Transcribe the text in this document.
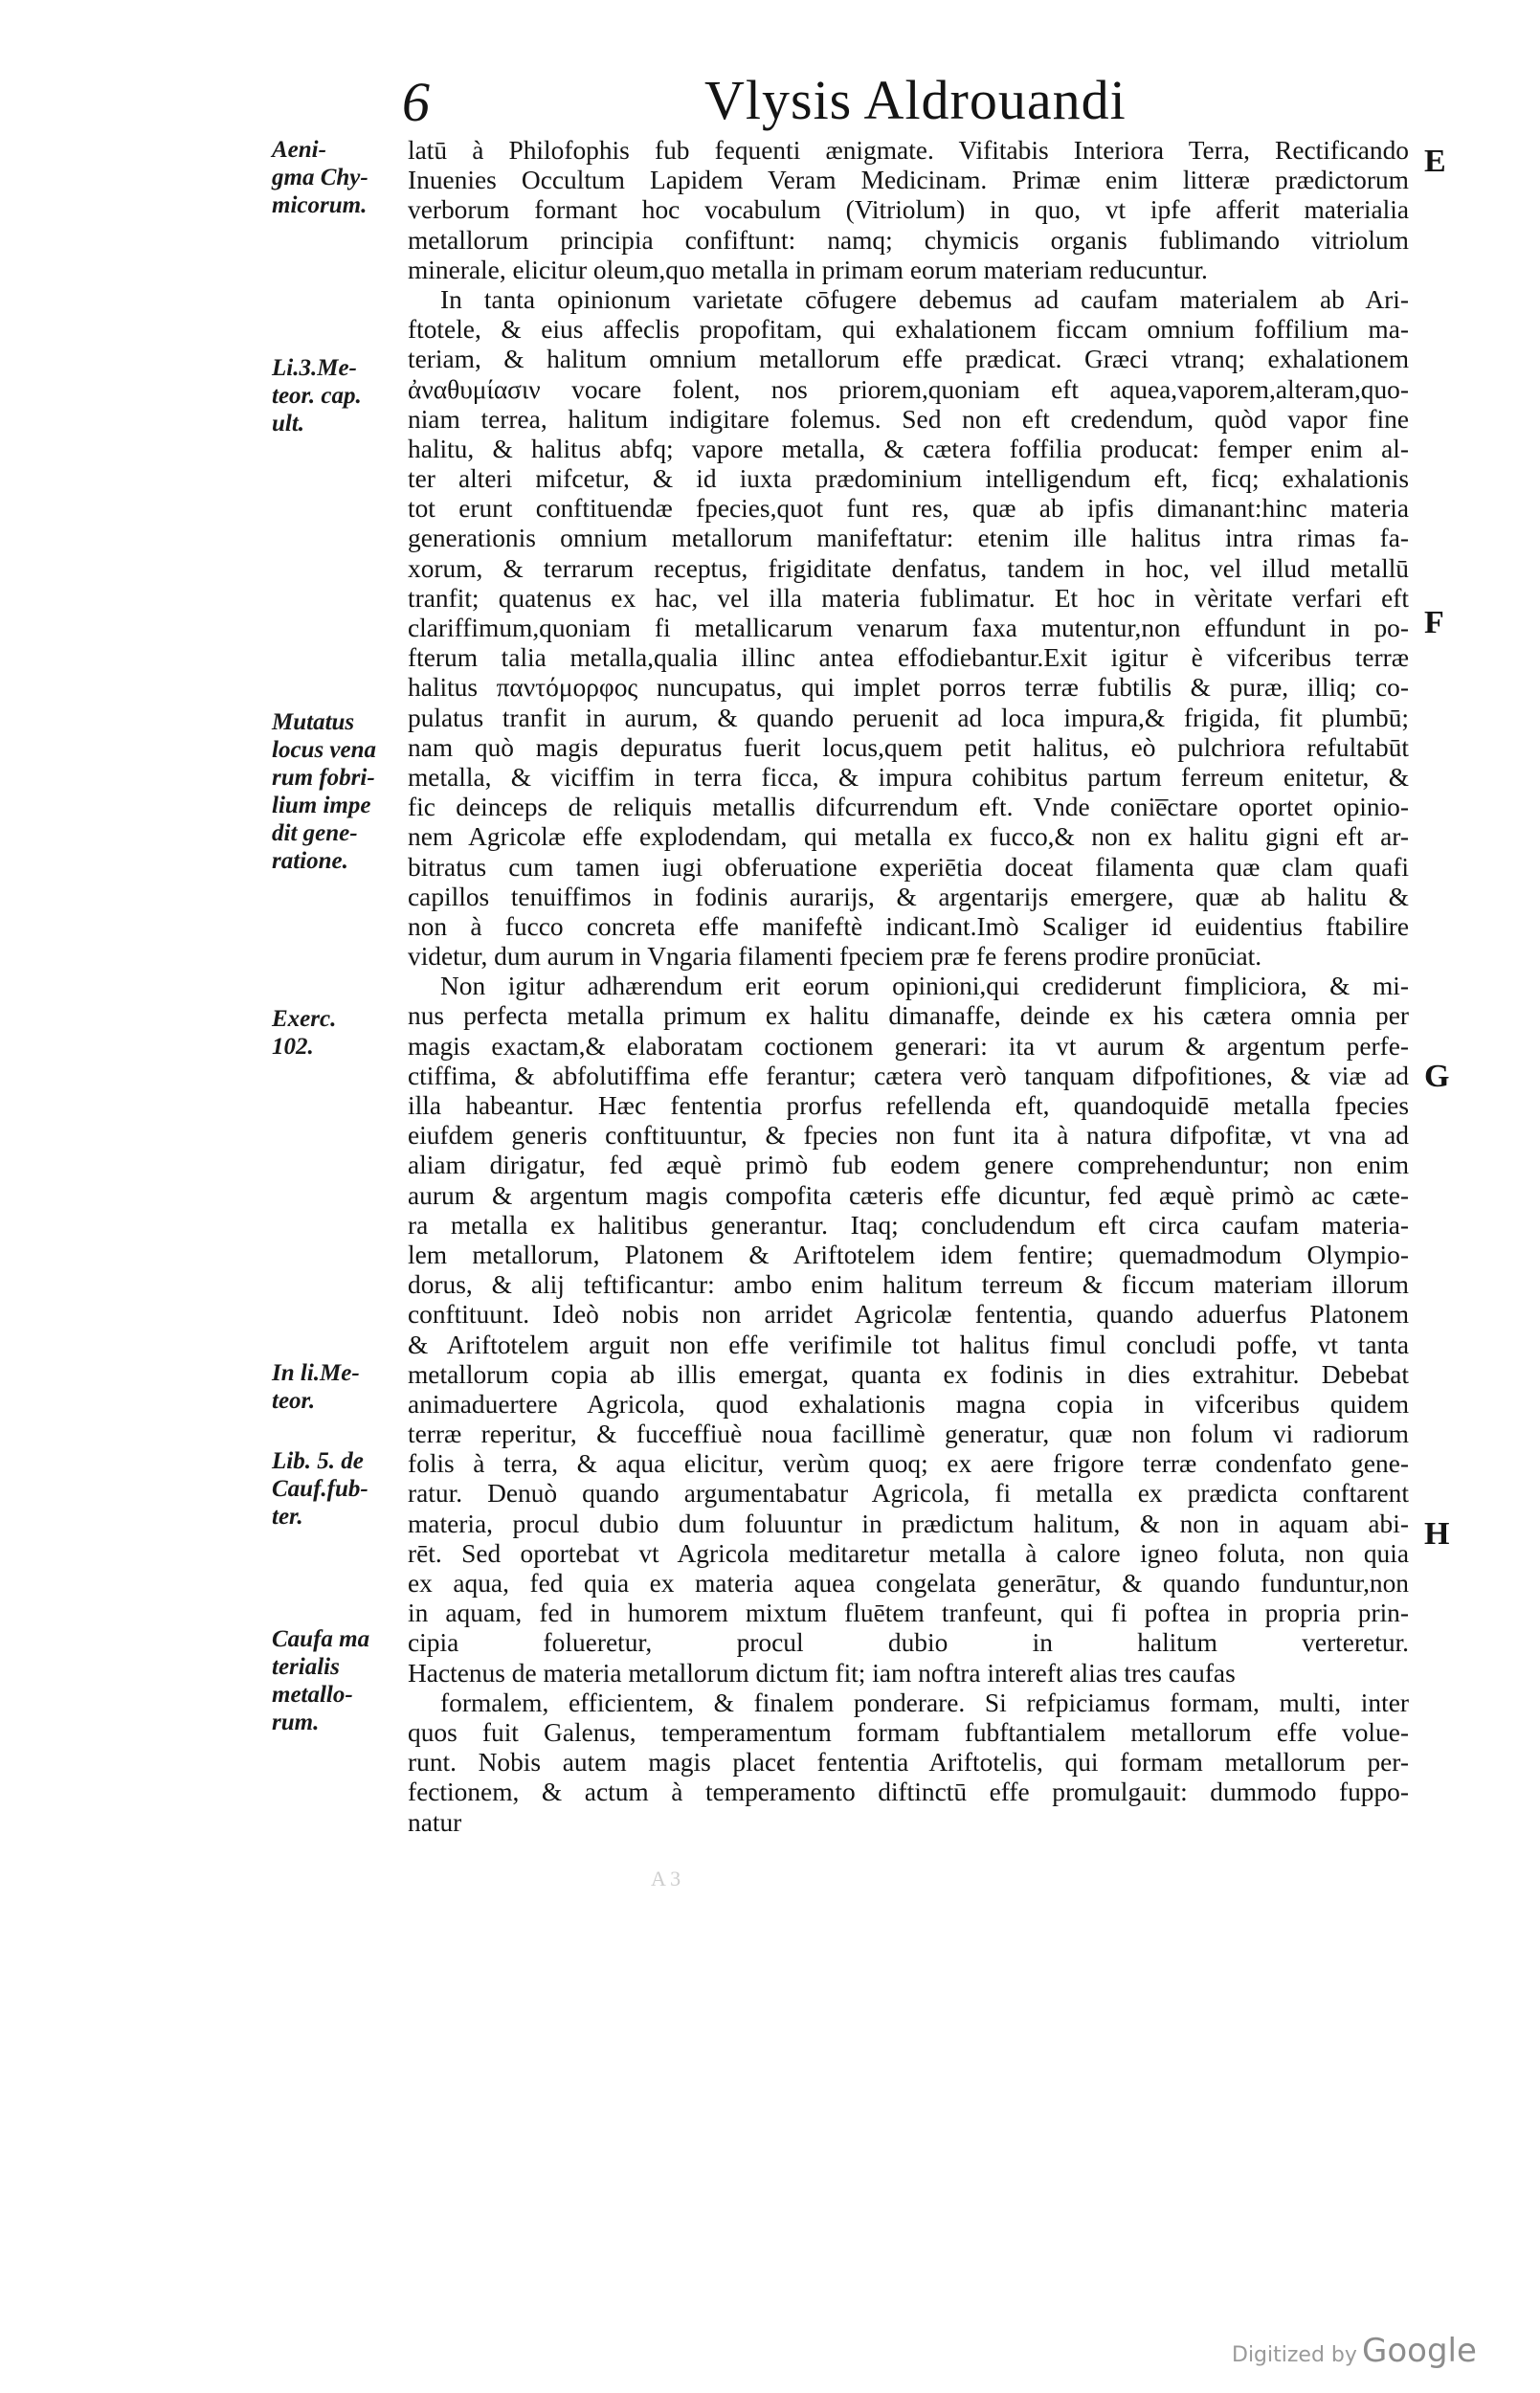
6	Vlysis Aldrouandi
Aeni-
gma Chy-
micorum.
Li.3.Me-
teor. cap.
ult.
Mutatus
locus vena
rum fobri-
lium impe
dit gene-
ratione.
Exerc.
102.
In li.Me-
teor.
Lib. 5. de
Cauf.fub-
ter.
Caufa ma
terialis
metallo-
rum.
E
F
G
H
latū à Philofophis fub fequenti ænigmate. Vifitabis Interiora Terra, Rectificando
Inuenies Occultum Lapidem Veram Medicinam. Primæ enim litteræ prædictorum
verborum formant hoc vocabulum (Vitriolum) in quo, vt ipfe afferit materialia
metallorum principia confiftunt: namq; chymicis organis fublimando vitriolum
minerale, elicitur oleum,quo metalla in primam eorum materiam reducuntur.
In tanta opinionum varietate cōfugere debemus ad caufam materialem ab Ari-
ftotele, & eius affeclis propofitam, qui exhalationem ficcam omnium foffilium ma-
teriam, & halitum omnium metallorum effe prædicat. Græci vtranq; exhalationem
ἀναθυμίασιν vocare folent, nos priorem,quoniam eft aquea,vaporem,alteram,quo-
niam terrea, halitum indigitare folemus. Sed non eft credendum, quòd vapor fine
halitu, & halitus abfq; vapore metalla, & cætera foffilia producat: femper enim al-
ter alteri mifcetur, & id iuxta prædominium intelligendum eft, ficq; exhalationis
tot erunt conftituendæ fpecies,quot funt res, quæ ab ipfis dimanant:hinc materia
generationis omnium metallorum manifeftatur: etenim ille halitus intra rimas fa-
xorum, & terrarum receptus, frigiditate denfatus, tandem in hoc, vel illud metallū
tranfit; quatenus ex hac, vel illa materia fublimatur. Et hoc in vèritate verfari eft
clariffimum,quoniam fi metallicarum venarum faxa mutentur,non effundunt in po-
fterum talia metalla,qualia illinc antea effodiebantur.Exit igitur è vifceribus terræ
halitus παντόμορφος nuncupatus, qui implet porros terræ fubtilis & puræ, illiq; co-
pulatus tranfit in aurum, & quando peruenit ad loca impura,& frigida, fit plumbū;
nam quò magis depuratus fuerit locus,quem petit halitus, eò pulchriora refultabūt
metalla, & viciffim in terra ficca, & impura cohibitus partum ferreum enitetur, &
fic deinceps de reliquis metallis difcurrendum eft. Vnde conie̅ctare oportet opinio-
nem Agricolæ effe explodendam, qui metalla ex fucco,& non ex halitu gigni eft ar-
bitratus cum tamen iugi obferuatione experiētia doceat filamenta quæ clam quafi
capillos tenuiffimos in fodinis aurarijs, & argentarijs emergere, quæ ab halitu &
non à fucco concreta effe manifeftè indicant.Imò Scaliger id euidentius ftabilire
videtur, dum aurum in Vngaria filamenti fpeciem præ fe ferens prodire pronūciat.
Non igitur adhærendum erit eorum opinioni,qui crediderunt fimpliciora, & mi-
nus perfecta metalla primum ex halitu dimanaffe, deinde ex his cætera omnia per
magis exactam,& elaboratam coctionem generari: ita vt aurum & argentum perfe-
ctiffima, & abfolutiffima effe ferantur; cætera verò tanquam difpofitiones, & viæ ad
illa habeantur. Hæc fententia prorfus refellenda eft, quandoquidē metalla fpecies
eiufdem generis conftituuntur, & fpecies non funt ita à natura difpofitæ, vt vna ad
aliam dirigatur, fed æquè primò fub eodem genere comprehenduntur; non enim
aurum & argentum magis compofita cæteris effe dicuntur, fed æquè primò ac cæte-
ra metalla ex halitibus generantur. Itaq; concludendum eft circa caufam materia-
lem metallorum, Platonem & Ariftotelem idem fentire; quemadmodum Olympio-
dorus, & alij teftificantur: ambo enim halitum terreum & ficcum materiam illorum
conftituunt. Ideò nobis non arridet Agricolæ fententia, quando aduerfus Platonem
& Ariftotelem arguit non effe verifimile tot halitus fimul concludi poffe, vt tanta
metallorum copia ab illis emergat, quanta ex fodinis in dies extrahitur. Debebat
animaduertere Agricola, quod exhalationis magna copia in vifceribus quidem
terræ reperitur, & fucceffiuè noua facillimè generatur, quæ non folum vi radiorum
folis à terra, & aqua elicitur, verùm quoq; ex aere frigore terræ condenfato gene-
ratur. Denuò quando argumentabatur Agricola, fi metalla ex prædicta conftarent
materia, procul dubio dum foluuntur in prædictum halitum, & non in aquam abi-
rēt. Sed oportebat vt Agricola meditaretur metalla à calore igneo foluta, non quia
ex aqua, fed quia ex materia aquea congelata generātur, & quando funduntur,non
in aquam, fed in humorem mixtum fluētem tranfeunt, qui fi poftea in propria prin-
cipia folueretur, procul dubio in halitum verteretur.
Hactenus de materia metallorum dictum fit; iam noftra intereft alias tres caufas
formalem, efficientem, & finalem ponderare. Si refpiciamus formam, multi, inter
quos fuit Galenus, temperamentum formam fubftantialem metallorum effe volue-
runt. Nobis autem magis placet fententia Ariftotelis, qui formam metallorum per-
fectionem, & actum à temperamento diftinctū effe promulgauit: dummodo fuppo-
natur
A 3
Digitized by Google
